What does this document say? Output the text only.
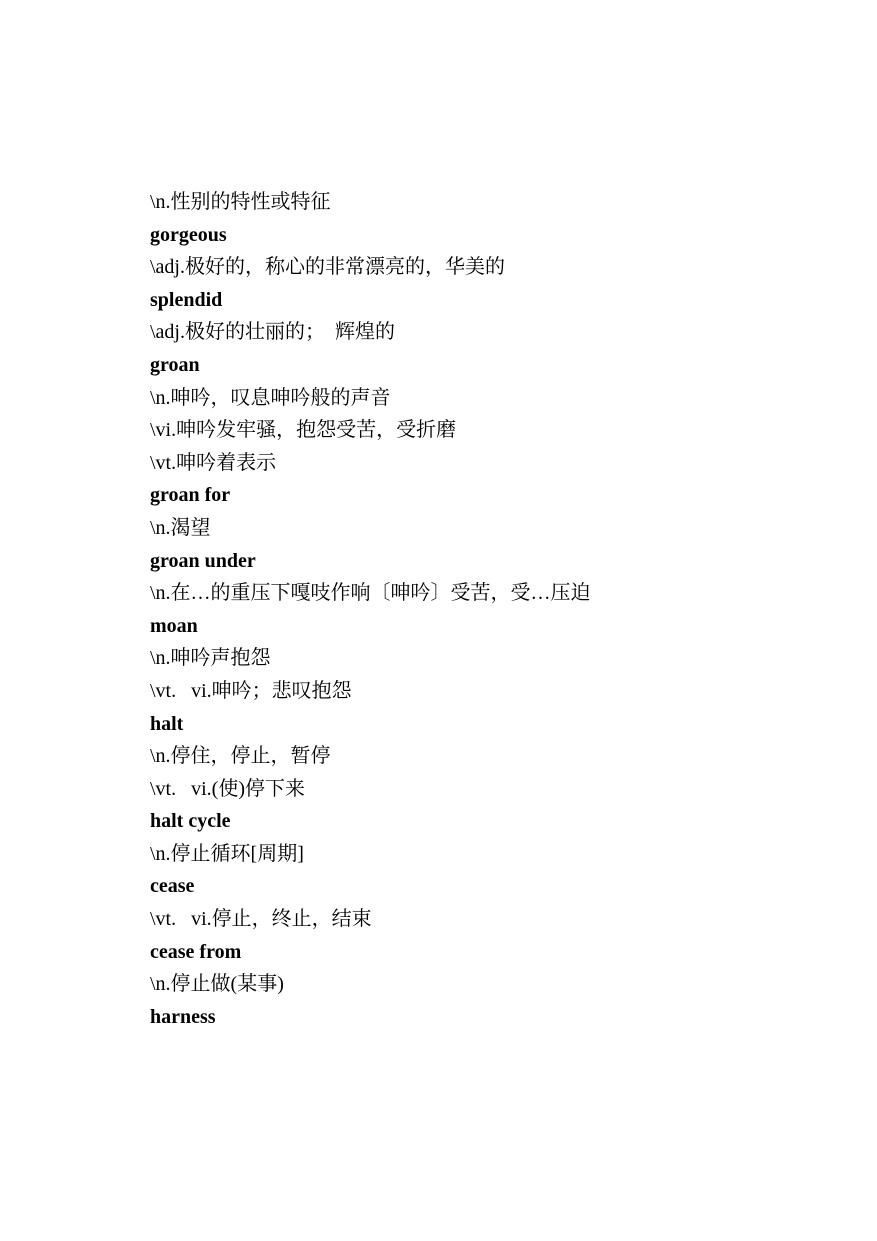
\n.性别的特性或特征
gorgeous
\adj.极好的，称心的非常漂亮的，华美的
splendid
\adj.极好的壮丽的；  辉煌的
groan
\n.呻吟，叹息呻吟般的声音
\vi.呻吟发牢骚，抱怨受苦，受折磨
\vt.呻吟着表示
groan for
\n.渴望
groan under
\n.在…的重压下嘎吱作响〔呻吟〕受苦，受…压迫
moan
\n.呻吟声抱怨
\vt.   vi.呻吟；悲叹抱怨
halt
\n.停住，停止，暂停
\vt.   vi.(使)停下来
halt cycle
\n.停止循环[周期]
cease
\vt.   vi.停止，终止，结束
cease from
\n.停止做(某事)
harness
